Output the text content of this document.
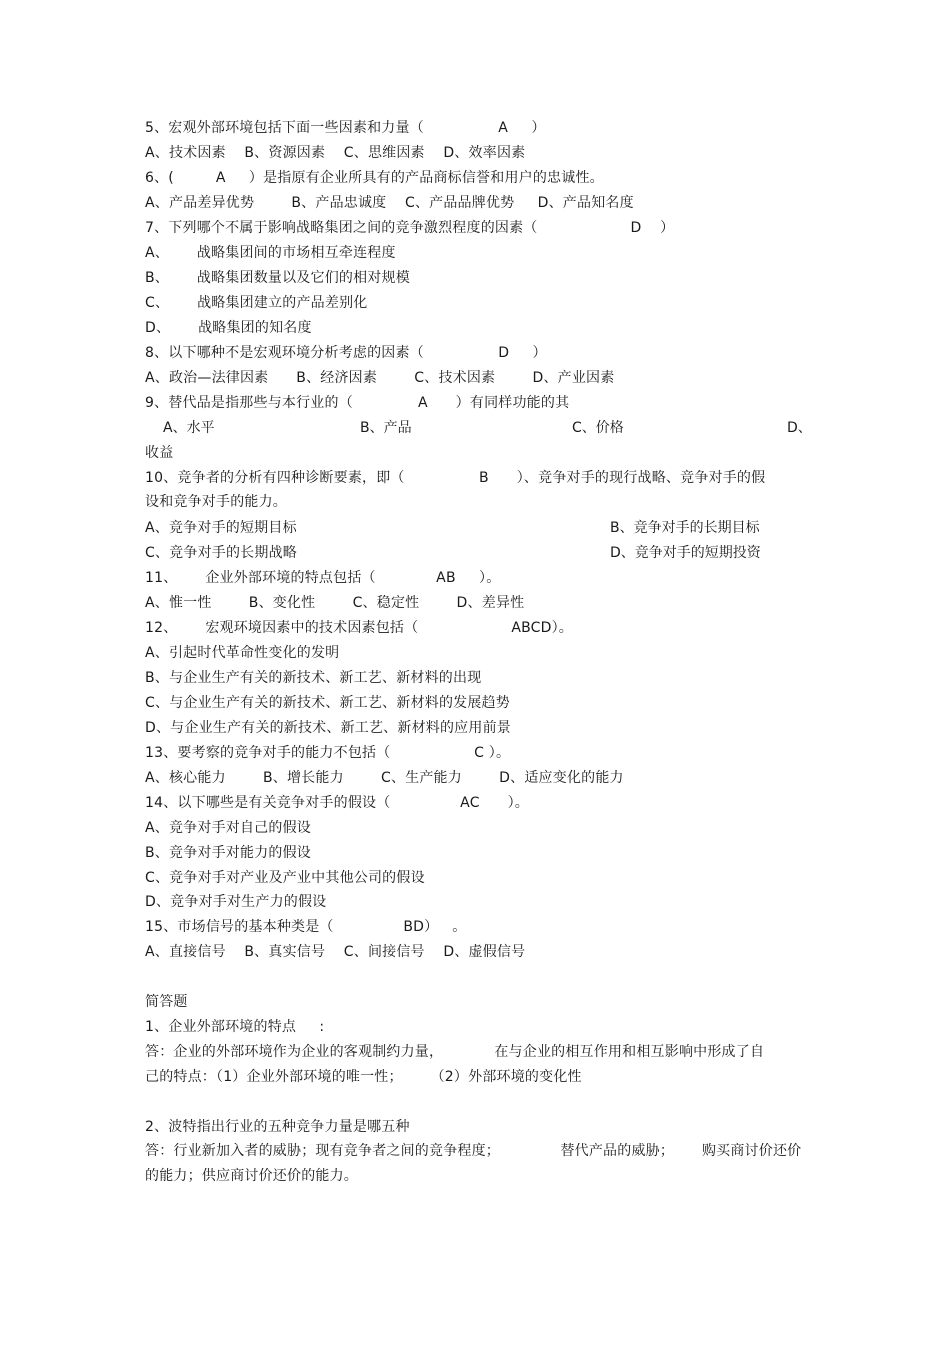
5、宏观外部环境包括下面一些因素和力量（                A     ）
A、技术因素    B、资源因素    C、思维因素    D、效率因素
6、(         A     ）是指原有企业所具有的产品商标信誉和用户的忠诚性。
A、产品差异优势        B、产品忠诚度    C、产品品牌优势     D、产品知名度
7、下列哪个不属于影响战略集团之间的竞争激烈程度的因素（                    D    ）
A、      战略集团间的市场相互牵连程度
B、      战略集团数量以及它们的相对规模
C、      战略集团建立的产品差别化
D、      战略集团的知名度
8、以下哪种不是宏观环境分析考虑的因素（                D     ）
A、政治—法律因素      B、经济因素        C、技术因素        D、产业因素
9、替代品是指那些与本行业的（              A      ）有同样功能的其
A、水平	B、产品	C、价格	D、
收益
10、竞争者的分析有四种诊断要素，即（                B      ）、竞争对手的现行战略、竞争对手的假
设和竞争对手的能力。
A、竞争对手的短期目标	B、竞争对手的长期目标
C、竞争对手的长期战略	D、竞争对手的短期投资
11、      企业外部环境的特点包括（             AB     ）。
A、惟一性        B、变化性        C、稳定性        D、差异性
12、      宏观环境因素中的技术因素包括（                    ABCD）。
A、引起时代革命性变化的发明
B、与企业生产有关的新技术、新工艺、新材料的出现
C、与企业生产有关的新技术、新工艺、新材料的发展趋势
D、与企业生产有关的新技术、新工艺、新材料的应用前景
13、要考察的竞争对手的能力不包括（                  C ）。
A、核心能力        B、增长能力        C、生产能力        D、适应变化的能力
14、以下哪些是有关竞争对手的假设（               AC      ）。
A、竞争对手对自己的假设
B、竞争对手对能力的假设
C、竞争对手对产业及产业中其他公司的假设
D、竞争对手对生产力的假设
15、市场信号的基本种类是（               BD）   。
A、直接信号    B、真实信号    C、间接信号    D、虚假信号
简答题
1、企业外部环境的特点     :
答：企业的外部环境作为企业的客观制约力量，           在与企业的相互作用和相互影响中形成了自
己的特点：（1）企业外部环境的唯一性；      （2）外部环境的变化性
2、波特指出行业的五种竞争力量是哪五种
答：行业新加入者的威胁；现有竞争者之间的竞争程度；             替代产品的威胁；      购买商讨价还价
的能力；供应商讨价还价的能力。
